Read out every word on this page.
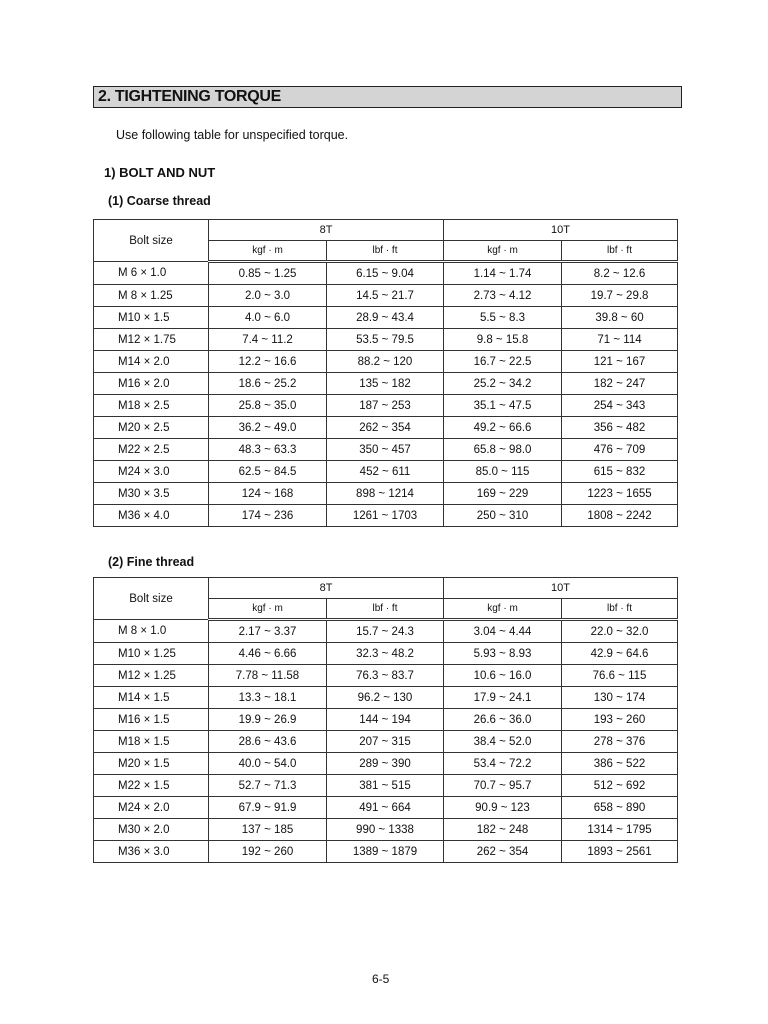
2. TIGHTENING TORQUE
Use following table for unspecified torque.
1) BOLT AND NUT
(1) Coarse thread
Bolt size	8T		10T	
	kgf · m	lbf · ft	kgf · m	lbf · ft
M 6 × 1.0	0.85 ~ 1.25	6.15 ~ 9.04	1.14 ~ 1.74	8.2 ~ 12.6
M 8 × 1.25	2.0 ~ 3.0	14.5 ~ 21.7	2.73 ~ 4.12	19.7 ~ 29.8
M10 × 1.5	4.0 ~ 6.0	28.9 ~ 43.4	5.5 ~ 8.3	39.8 ~ 60
M12 × 1.75	7.4 ~ 11.2	53.5 ~ 79.5	9.8 ~ 15.8	71 ~ 114
M14 × 2.0	12.2 ~ 16.6	88.2 ~ 120	16.7 ~ 22.5	121 ~ 167
M16 × 2.0	18.6 ~ 25.2	135 ~ 182	25.2 ~ 34.2	182 ~ 247
M18 × 2.5	25.8 ~ 35.0	187 ~ 253	35.1 ~ 47.5	254 ~ 343
M20 × 2.5	36.2 ~ 49.0	262 ~ 354	49.2 ~ 66.6	356 ~ 482
M22 × 2.5	48.3 ~ 63.3	350 ~ 457	65.8 ~ 98.0	476 ~ 709
M24 × 3.0	62.5 ~ 84.5	452 ~ 611	85.0 ~ 115	615 ~ 832
M30 × 3.5	124 ~ 168	898 ~ 1214	169 ~ 229	1223 ~ 1655
M36 × 4.0	174 ~ 236	1261 ~ 1703	250 ~ 310	1808 ~ 2242
(2) Fine thread
Bolt size	8T		10T	
	kgf · m	lbf · ft	kgf · m	lbf · ft
M 8 × 1.0	2.17 ~ 3.37	15.7 ~ 24.3	3.04 ~ 4.44	22.0 ~ 32.0
M10 × 1.25	4.46 ~ 6.66	32.3 ~ 48.2	5.93 ~ 8.93	42.9 ~ 64.6
M12 × 1.25	7.78 ~ 11.58	76.3 ~ 83.7	10.6 ~ 16.0	76.6 ~ 115
M14 × 1.5	13.3 ~ 18.1	96.2 ~ 130	17.9 ~ 24.1	130 ~ 174
M16 × 1.5	19.9 ~ 26.9	144 ~ 194	26.6 ~ 36.0	193 ~ 260
M18 × 1.5	28.6 ~ 43.6	207 ~ 315	38.4 ~ 52.0	278 ~ 376
M20 × 1.5	40.0 ~ 54.0	289 ~ 390	53.4 ~ 72.2	386 ~ 522
M22 × 1.5	52.7 ~ 71.3	381 ~ 515	70.7 ~ 95.7	512 ~ 692
M24 × 2.0	67.9 ~ 91.9	491 ~ 664	90.9 ~ 123	658 ~ 890
M30 × 2.0	137 ~ 185	990 ~ 1338	182 ~ 248	1314 ~ 1795
M36 × 3.0	192 ~ 260	1389 ~ 1879	262 ~ 354	1893 ~ 2561
6-5
